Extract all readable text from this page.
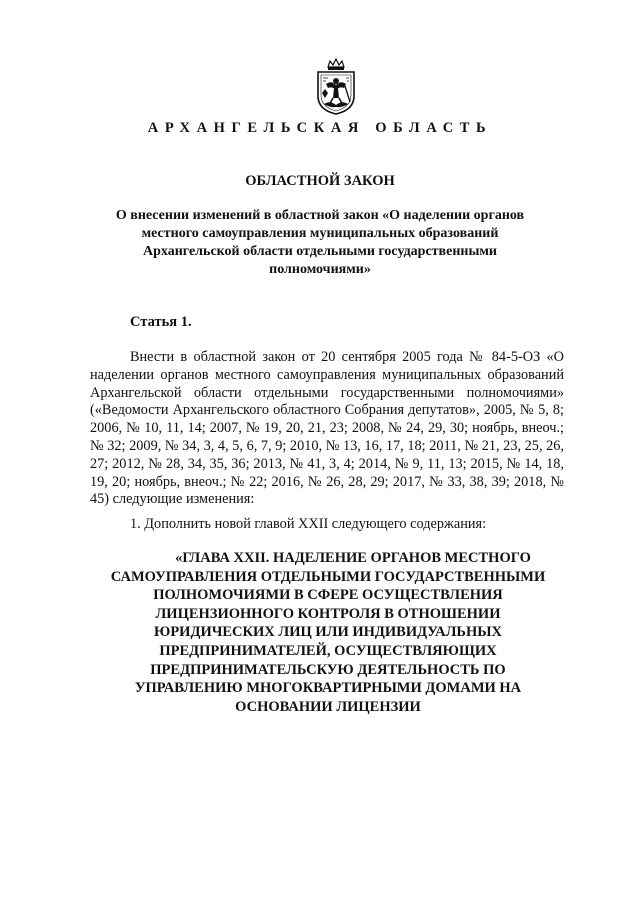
АРХАНГЕЛЬСКАЯ ОБЛАСТЬ
ОБЛАСТНОЙ ЗАКОН
О внесении изменений в областной закон «О наделении органов местного самоуправления муниципальных образований Архангельской области отдельными государственными полномочиями»
Статья 1.

Внести в областной закон от 20 сентября 2005 года № 84-5-ОЗ «О наделении органов местного самоуправления муниципальных образований Архангельской области отдельными государственными полномочиями» («Ведомости Архангельского областного Собрания депутатов», 2005, № 5, 8; 2006, № 10, 11, 14; 2007, № 19, 20, 21, 23; 2008, № 24, 29, 30; ноябрь, внеоч.; № 32; 2009, № 34, 3, 4, 5, 6, 7, 9; 2010, № 13, 16, 17, 18; 2011, № 21, 23, 25, 26, 27; 2012, № 28, 34, 35, 36; 2013, № 41, 3, 4; 2014, № 9, 11, 13; 2015, № 14, 18, 19, 20; ноябрь, внеоч.; № 22; 2016, № 26, 28, 29; 2017, № 33, 38, 39; 2018, № 45) следующие изменения:

1. Дополнить новой главой XXII следующего содержания:

«ГЛАВА XXII. НАДЕЛЕНИЕ ОРГАНОВ МЕСТНОГО САМОУПРАВЛЕНИЯ ОТДЕЛЬНЫМИ ГОСУДАРСТВЕННЫМИ ПОЛНОМОЧИЯМИ В СФЕРЕ ОСУЩЕСТВЛЕНИЯ ЛИЦЕНЗИОННОГО КОНТРОЛЯ В ОТНОШЕНИИ ЮРИДИЧЕСКИХ ЛИЦ ИЛИ ИНДИВИДУАЛЬНЫХ ПРЕДПРИНИМАТЕЛЕЙ, ОСУЩЕСТВЛЯЮЩИХ ПРЕДПРИНИМАТЕЛЬСКУЮ ДЕЯТЕЛЬНОСТЬ ПО УПРАВЛЕНИЮ МНОГОКВАРТИРНЫМИ ДОМАМИ НА ОСНОВАНИИ ЛИЦЕНЗИИ
